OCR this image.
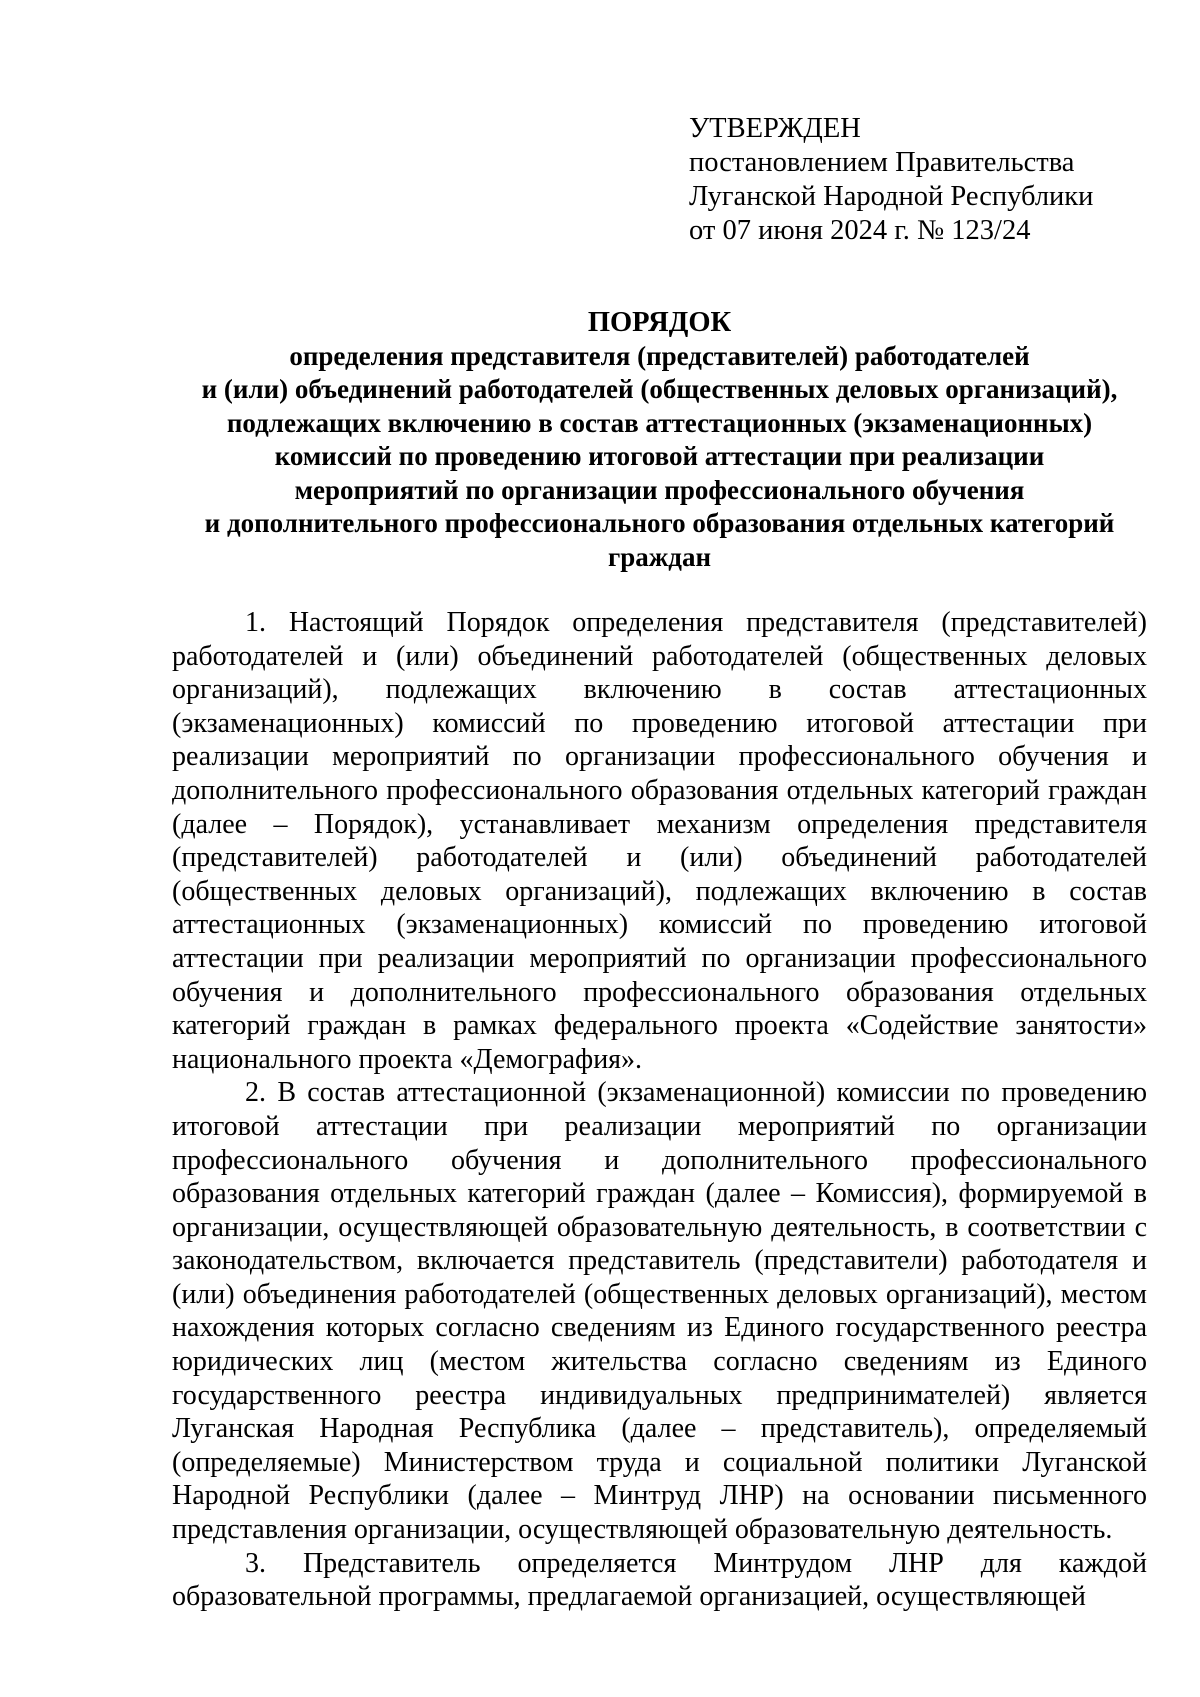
УТВЕРЖДЕН
постановлением Правительства
Луганской Народной Республики
от 07 июня 2024 г. № 123/24
ПОРЯДОК
определения представителя (представителей) работодателей
и (или) объединений работодателей (общественных деловых организаций),
подлежащих включению в состав аттестационных (экзаменационных)
комиссий по проведению итоговой аттестации при реализации
мероприятий по организации профессионального обучения
и дополнительного профессионального образования отдельных категорий
граждан

1. Настоящий Порядок определения представителя (представителей) работодателей и (или) объединений работодателей (общественных деловых организаций), подлежащих включению в состав аттестационных (экзаменационных) комиссий по проведению итоговой аттестации при реализации мероприятий по организации профессионального обучения и дополнительного профессионального образования отдельных категорий граждан (далее – Порядок), устанавливает механизм определения представителя (представителей) работодателей и (или) объединений работодателей (общественных деловых организаций), подлежащих включению в состав аттестационных (экзаменационных) комиссий по проведению итоговой аттестации при реализации мероприятий по организации профессионального обучения и дополнительного профессионального образования отдельных категорий граждан в рамках федерального проекта «Содействие занятости» национального проекта «Демография».

2. В состав аттестационной (экзаменационной) комиссии по проведению итоговой аттестации при реализации мероприятий по организации профессионального обучения и дополнительного профессионального образования отдельных категорий граждан (далее – Комиссия), формируемой в организации, осуществляющей образовательную деятельность, в соответствии с законодательством, включается представитель (представители) работодателя и (или) объединения работодателей (общественных деловых организаций), местом нахождения которых согласно сведениям из Единого государственного реестра юридических лиц (местом жительства согласно сведениям из Единого государственного реестра индивидуальных предпринимателей) является Луганская Народная Республика (далее – представитель), определяемый (определяемые) Министерством труда и социальной политики Луганской Народной Республики (далее – Минтруд ЛНР) на основании письменного представления организации, осуществляющей образовательную деятельность.

3. Представитель определяется Минтрудом ЛНР для каждой образовательной программы, предлагаемой организацией, осуществляющей
